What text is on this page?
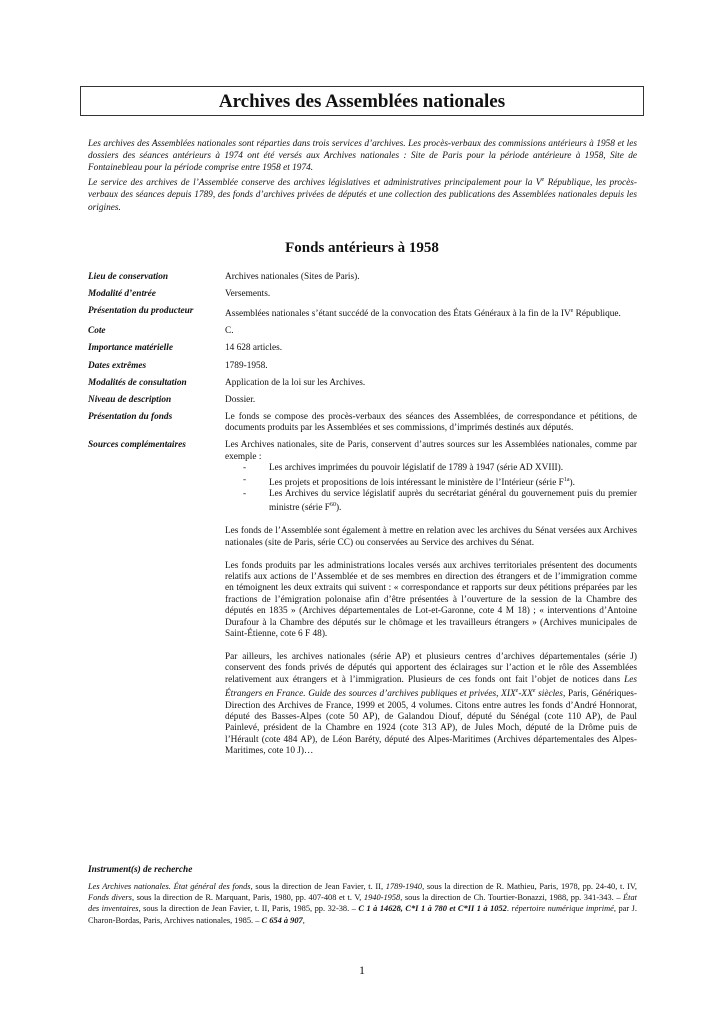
Archives des Assemblées nationales

Les archives des Assemblées nationales sont réparties dans trois services d’archives. Les procès-verbaux des commissions antérieurs à 1958 et les dossiers des séances antérieurs à 1974 ont été versés aux Archives nationales : Site de Paris pour la période antérieure à 1958, Site de Fontainebleau pour la période comprise entre 1958 et 1974.

Le service des archives de l’Assemblée conserve des archives législatives et administratives principalement pour la Ve République, les procès-verbaux des séances depuis 1789, des fonds d’archives privées de députés et une collection des publications des Assemblées nationales depuis les origines.

Fonds antérieurs à 1958
Lieu de conservation	Archives nationales (Sites de Paris).
Modalité d’entrée	Versements.
Présentation du producteur	Assemblées nationales s’étant succédé de la convocation des États Généraux à la fin de la IVe République.
Cote	C.
Importance matérielle	14 628 articles.
Dates extrêmes	1789-1958.
Modalités de consultation	Application de la loi sur les Archives.
Niveau de description	Dossier.
Présentation du fonds	Le fonds se compose des procès-verbaux des séances des Assemblées, de correspondance et pétitions, de documents produits par les Assemblées et ses commissions, d’imprimés destinés aux députés.
Sources complémentaires	Les Archives nationales, site de Paris, conservent d’autres sources sur les Assemblées nationales, comme par exemple :

-	Les archives imprimées du pouvoir législatif de 1789 à 1947 (série AD XVIII).
-	Les projets et propositions de lois intéressant le ministère de l’Intérieur (série $F^{1a}$).
-	Les Archives du service législatif auprès du secrétariat général du gouvernement puis du premier ministre (série $F^{60}$).

Les fonds de l’Assemblée sont également à mettre en relation avec les archives du Sénat versées aux Archives nationales (site de Paris, série CC) ou conservées au Service des archives du Sénat.

Les fonds produits par les administrations locales versés aux archives territoriales présentent des documents relatifs aux actions de l’Assemblée et de ses membres en direction des étrangers et de l’immigration comme en témoignent les deux extraits qui suivent : « correspondance et rapports sur deux pétitions préparées par les fractions de l’émigration polonaise afin d’être présentées à l’ouverture de la session de la Chambre des députés en 1835 » (Archives départementales de Lot-et-Garonne, cote 4 M 18) ; « interventions d’Antoine Durafour à la Chambre des députés sur le chômage et les travailleurs étrangers » (Archives municipales de Saint-Étienne, cote 6 F 48).

Par ailleurs, les archives nationales (série AP) et plusieurs centres d’archives départementales (série J) conservent des fonds privés de députés qui apportent des éclairages sur l’action et le rôle des Assemblées relativement aux étrangers et à l’immigration. Plusieurs de ces fonds ont fait l’objet de notices dans Les Étrangers en France. Guide des sources d’archives publiques et privées, XIXe-XXe siècles, Paris, Génériques-Direction des Archives de France, 1999 et 2005, 4 volumes. Citons entre autres les fonds d’André Honnorat, député des Basses-Alpes (cote 50 AP), de Galandou Diouf, député du Sénégal (cote 110 AP), de Paul Painlevé, président de la Chambre en 1924 (cote 313 AP), de Jules Moch, député de la Drôme puis de l’Hérault (cote 484 AP), de Léon Baréty, député des Alpes-Maritimes (Archives départementales des Alpes-Maritimes, cote 10 J)…

Instrument(s) de recherche
Les Archives nationales. État général des fonds, sous la direction de Jean Favier, t. II, 1789-1940, sous la direction de R. Mathieu, Paris, 1978, pp. 24-40, t. IV, Fonds divers, sous la direction de R. Marquant, Paris, 1980, pp. 407-408 et t. V, 1940-1958, sous la direction de Ch. Tourtier-Bonazzi, 1988, pp. 341-343. – État des inventaires, sous la direction de Jean Favier, t. II, Paris, 1985, pp. 32-38. – C 1 à 14628, C*I 1 à 780 et C*II 1 à 1052. répertoire numérique imprimé, par J. Charon-Bordas, Paris, Archives nationales, 1985. – C 654 à 907,
1
